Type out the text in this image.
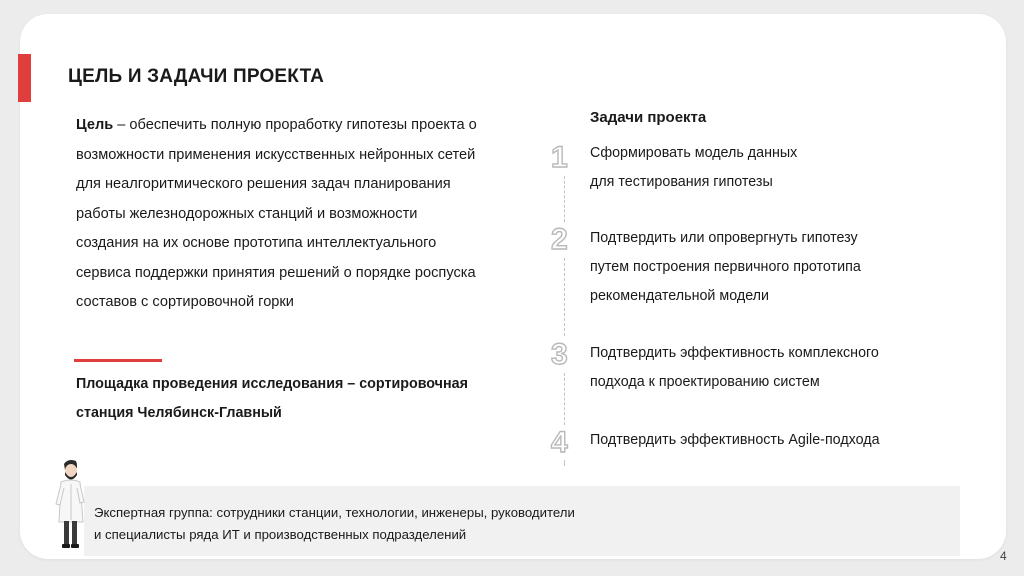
ЦЕЛЬ И ЗАДАЧИ ПРОЕКТА
Цель – обеспечить полную проработку гипотезы проекта о
возможности применения искусственных нейронных сетей
для неалгоритмического решения задач планирования
работы железнодорожных станций и возможности
создания на их основе прототипа интеллектуального
сервиса поддержки принятия решений о порядке роспуска
составов с сортировочной горки
Площадка проведения исследования – сортировочная
станция Челябинск-Главный
Задачи проекта
1
2
3
4
Сформировать модель данных
для тестирования гипотезы
Подтвердить или опровергнуть гипотезу
путем построения первичного прототипа
рекомендательной модели
Подтвердить эффективность комплексного
подхода к проектированию систем
Подтвердить эффективность Agile-подхода
Экспертная группа: сотрудники станции, технологии, инженеры, руководители
и специалисты ряда ИТ и производственных подразделений
4
